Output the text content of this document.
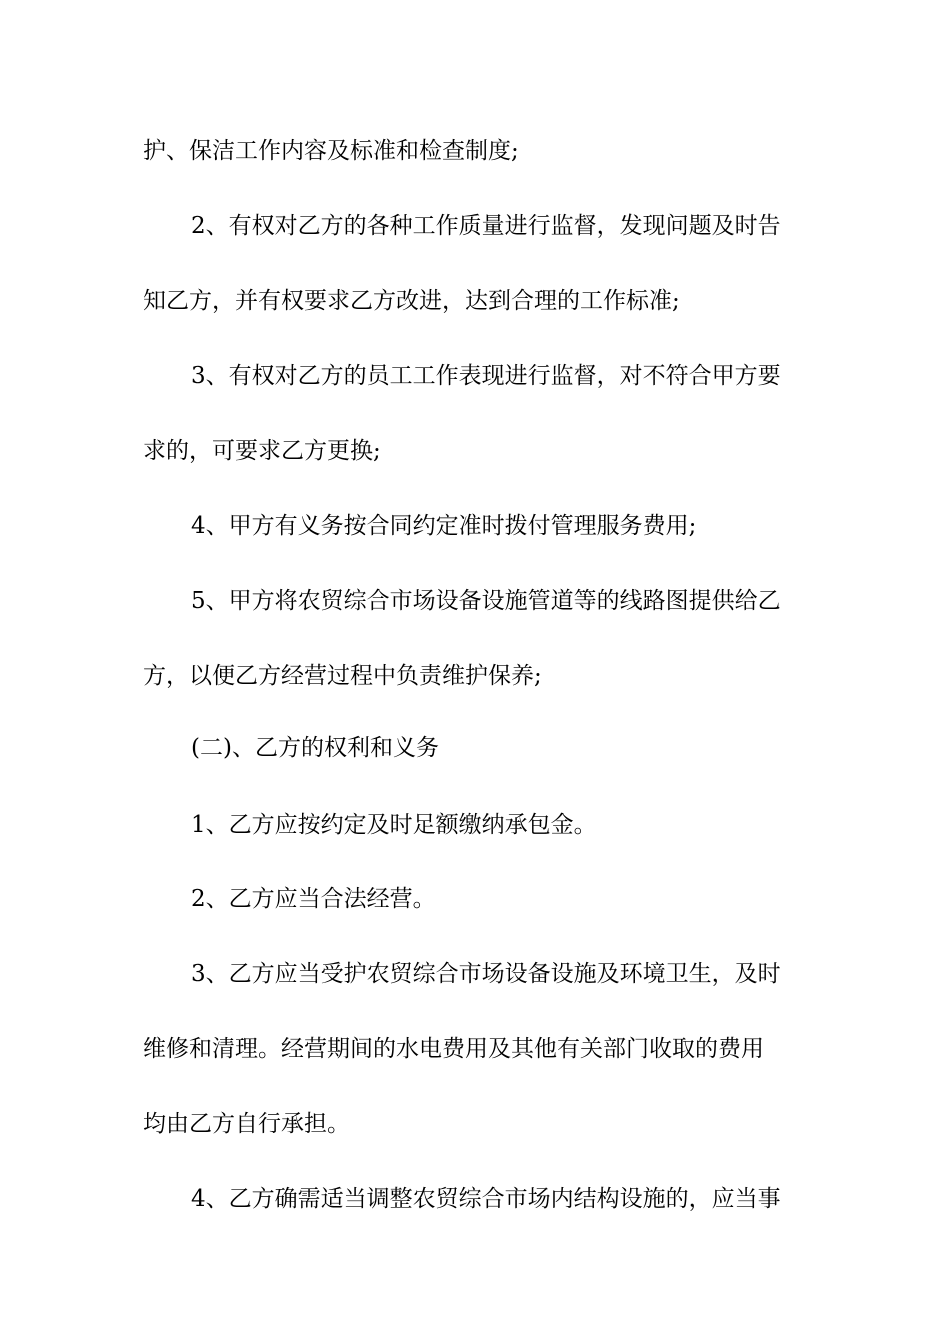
护、保洁工作内容及标准和检查制度;
2、有权对乙方的各种工作质量进行监督，发现问题及时告
知乙方，并有权要求乙方改进，达到合理的工作标准;
3、有权对乙方的员工工作表现进行监督，对不符合甲方要
求的，可要求乙方更换;
4、甲方有义务按合同约定准时拨付管理服务费用;
5、甲方将农贸综合市场设备设施管道等的线路图提供给乙
方，以便乙方经营过程中负责维护保养;
(二)、乙方的权利和义务
1、乙方应按约定及时足额缴纳承包金。
2、乙方应当合法经营。
3、乙方应当受护农贸综合市场设备设施及环境卫生，及时
维修和清理。经营期间的水电费用及其他有关部门收取的费用
均由乙方自行承担。
4、乙方确需适当调整农贸综合市场内结构设施的，应当事
